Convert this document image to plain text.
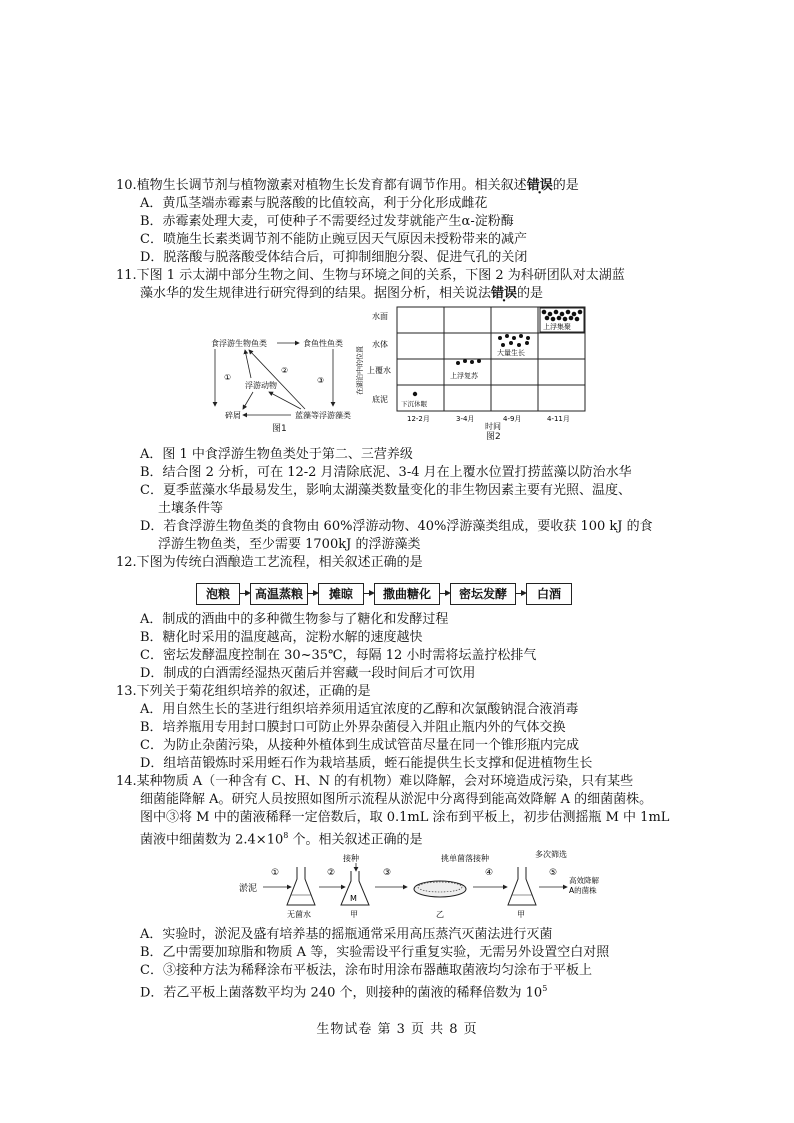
10.植物生长调节剂与植物激素对植物生长发育都有调节作用。相关叙述错误的是
A．黄瓜茎端赤霉素与脱落酸的比值较高，利于分化形成雌花
B．赤霉素处理大麦，可使种子不需要经过发芽就能产生α-淀粉酶
C．喷施生长素类调节剂不能防止豌豆因天气原因未授粉带来的减产
D．脱落酸与脱落酸受体结合后，可抑制细胞分裂、促进气孔的关闭
11.下图 1 示太湖中部分生物之间、生物与环境之间的关系，下图 2 为科研团队对太湖蓝
藻水华的发生规律进行研究得到的结果。据图分析，相关说法错误的是
食浮游生物鱼类	食鱼性鱼类
浮游动物
碎屑	蓝藻等浮游藻类
①
②
③
图1
在湖泊中的位置
水面
水体
上覆水
底泥 下沉休眠
上浮复苏
大量生长
上浮集聚
12-2月	3-4月	4-9月	4-11月
时间
图2
A．图 1 中食浮游生物鱼类处于第二、三营养级
B．结合图 2 分析，可在 12-2 月清除底泥、3-4 月在上覆水位置打捞蓝藻以防治水华
C．夏季蓝藻水华最易发生，影响太湖藻类数量变化的非生物因素主要有光照、温度、
土壤条件等
D．若食浮游生物鱼类的食物由 60%浮游动物、40%浮游藻类组成，要收获 100 kJ 的食
浮游生物鱼类，至少需要 1700kJ 的浮游藻类
12.下图为传统白酒酿造工艺流程，相关叙述正确的是
泡粮	高温蒸粮	摊晾	撒曲糖化	密坛发酵	白酒
A．制成的酒曲中的多种微生物参与了糖化和发酵过程
B．糖化时采用的温度越高，淀粉水解的速度越快
C．密坛发酵温度控制在 30~35℃，每隔 12 小时需将坛盖拧松排气
D．制成的白酒需经湿热灭菌后并窖藏一段时间后才可饮用
13.下列关于菊花组织培养的叙述，正确的是
A．用自然生长的茎进行组织培养须用适宜浓度的乙醇和次氯酸钠混合液消毒
B．培养瓶用专用封口膜封口可防止外界杂菌侵入并阻止瓶内外的气体交换
C．为防止杂菌污染，从接种外植体到生成试管苗尽量在同一个锥形瓶内完成
D．组培苗锻炼时采用蛭石作为栽培基质，蛭石能提供生长支撑和促进植物生长
14.某种物质 A（一种含有 C、H、N 的有机物）难以降解，会对环境造成污染，只有某些
细菌能降解 A。研究人员按照如图所示流程从淤泥中分离得到能高效降解 A 的细菌菌株。
图中③将 M 中的菌液稀释一定倍数后，取 0.1mL 涂布到平板上，初步估测摇瓶 M 中 1mL
菌液中细菌数为 $2.4\times 10^8$ 个。相关叙述正确的是
淤泥
①
无菌水
②
接种
M
甲
③
乙
挑单菌落接种
④
甲
多次筛选
⑤
高效降解
A的菌株
A．实验时，淤泥及盛有培养基的摇瓶通常采用高压蒸汽灭菌法进行灭菌
B．乙中需要加琼脂和物质 A 等，实验需设平行重复实验，无需另外设置空白对照
C．③接种方法为稀释涂布平板法，涂布时用涂布器蘸取菌液均匀涂布于平板上
D．若乙平板上菌落数平均为 240 个，则接种的菌液的稀释倍数为 $10^5$
生物试卷 第 3 页 共 8 页
